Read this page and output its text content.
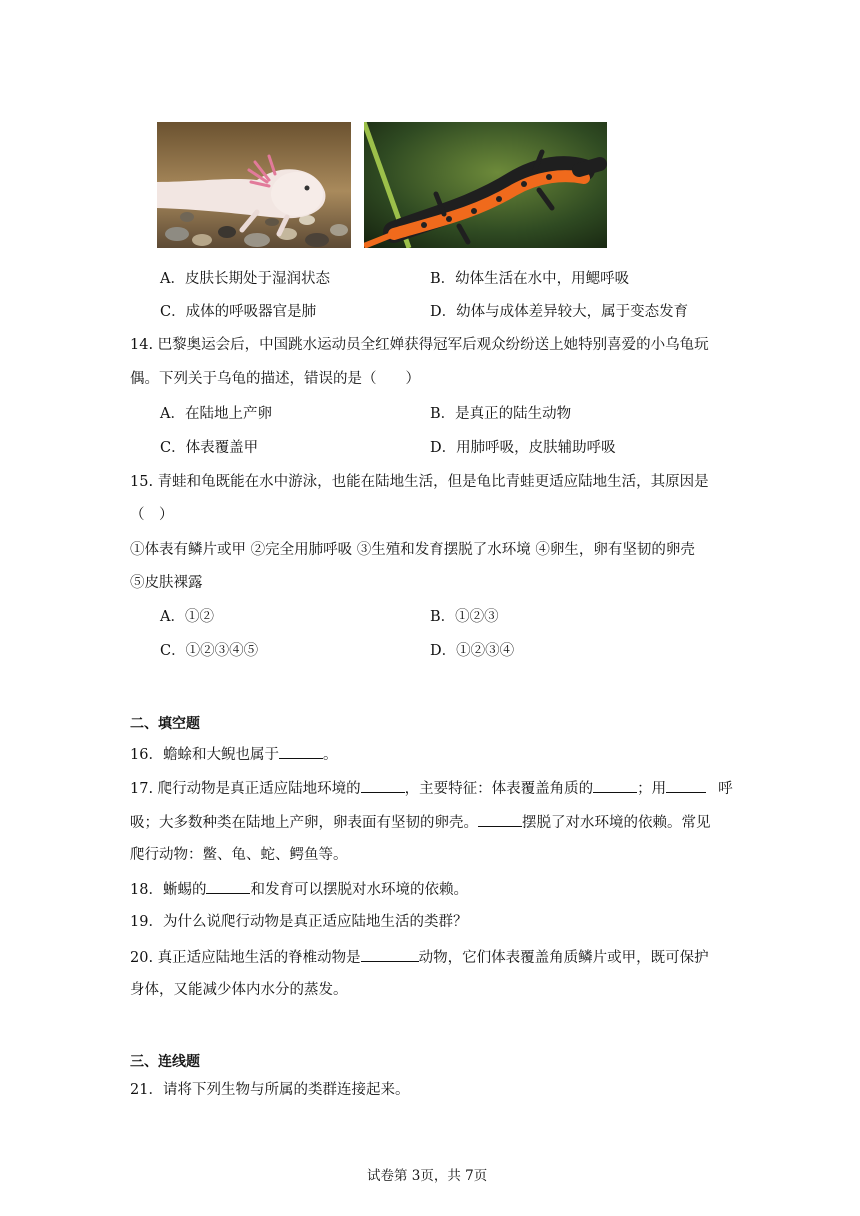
A．皮肤长期处于湿润状态	B．幼体生活在水中，用鳃呼吸
C．成体的呼吸器官是肺	D．幼体与成体差异较大，属于变态发育
14. 巴黎奥运会后，中国跳水运动员全红婵获得冠军后观众纷纷送上她特别喜爱的小乌龟玩
偶。下列关于乌龟的描述，错误的是（　　）
A．在陆地上产卵	B．是真正的陆生动物
C．体表覆盖甲	D．用肺呼吸，皮肤辅助呼吸
15. 青蛙和龟既能在水中游泳，也能在陆地生活，但是龟比青蛙更适应陆地生活，其原因是
（　）
①体表有鳞片或甲 ②完全用肺呼吸 ③生殖和发育摆脱了水环境 ④卵生，卵有坚韧的卵壳
⑤皮肤裸露
A．①②	B．①②③
C．①②③④⑤	D．①②③④
二、填空题
16．蟾蜍和大鲵也属于	。
17. 爬行动物是真正适应陆地环境的	，主要特征：体表覆盖角质的	；用	呼
吸；大多数种类在陆地上产卵，卵表面有坚韧的卵壳。	摆脱了对水环境的依赖。常见
爬行动物：鳖、龟、蛇、鳄鱼等。
18．蜥蜴的	和发育可以摆脱对水环境的依赖。
19．为什么说爬行动物是真正适应陆地生活的类群？
20. 真正适应陆地生活的脊椎动物是	动物，它们体表覆盖角质鳞片或甲，既可保护
身体，又能减少体内水分的蒸发。
三、连线题
21．请将下列生物与所属的类群连接起来。
试卷第 3页，共 7页
